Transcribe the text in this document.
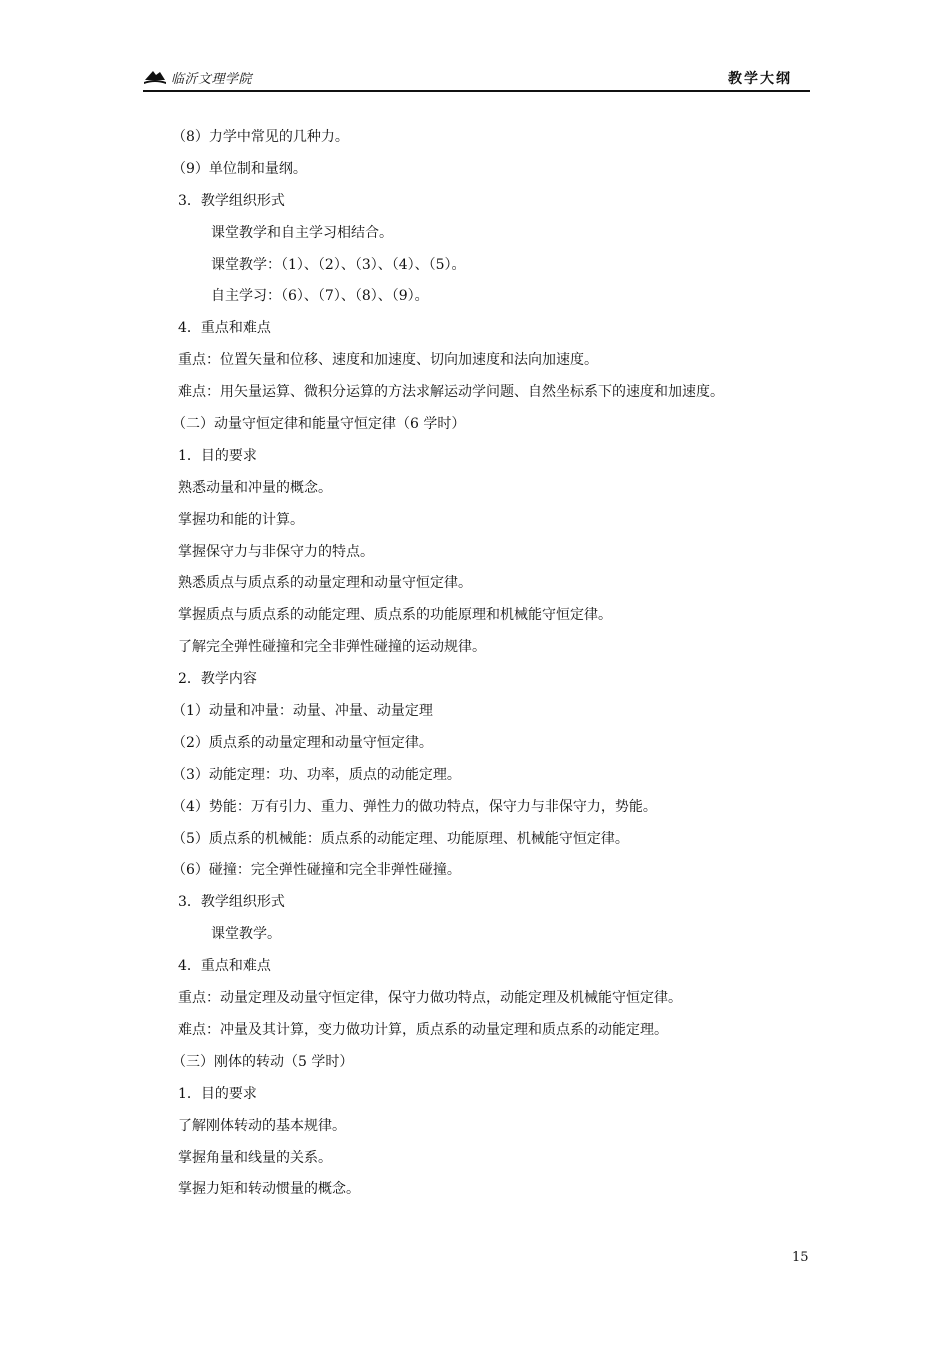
临沂文理学院	教学大纲
（8）力学中常见的几种力。
（9）单位制和量纲。
3．教学组织形式
课堂教学和自主学习相结合。
课堂教学：（1）、（2）、（3）、（4）、（5）。
自主学习：（6）、（7）、（8）、（9）。
4．重点和难点
重点：位置矢量和位移、速度和加速度、切向加速度和法向加速度。
难点：用矢量运算、微积分运算的方法求解运动学问题、自然坐标系下的速度和加速度。
（二）动量守恒定律和能量守恒定律（6 学时）
1．目的要求
熟悉动量和冲量的概念。
掌握功和能的计算。
掌握保守力与非保守力的特点。
熟悉质点与质点系的动量定理和动量守恒定律。
掌握质点与质点系的动能定理、质点系的功能原理和机械能守恒定律。
了解完全弹性碰撞和完全非弹性碰撞的运动规律。
2．教学内容
（1）动量和冲量：动量、冲量、动量定理
（2）质点系的动量定理和动量守恒定律。
（3）动能定理：功、功率，质点的动能定理。
（4）势能：万有引力、重力、弹性力的做功特点，保守力与非保守力，势能。
（5）质点系的机械能：质点系的动能定理、功能原理、机械能守恒定律。
（6）碰撞：完全弹性碰撞和完全非弹性碰撞。
3．教学组织形式
课堂教学。
4．重点和难点
重点：动量定理及动量守恒定律，保守力做功特点，动能定理及机械能守恒定律。
难点：冲量及其计算，变力做功计算，质点系的动量定理和质点系的动能定理。
（三）刚体的转动（5 学时）
1．目的要求
了解刚体转动的基本规律。
掌握角量和线量的关系。
掌握力矩和转动惯量的概念。
15
